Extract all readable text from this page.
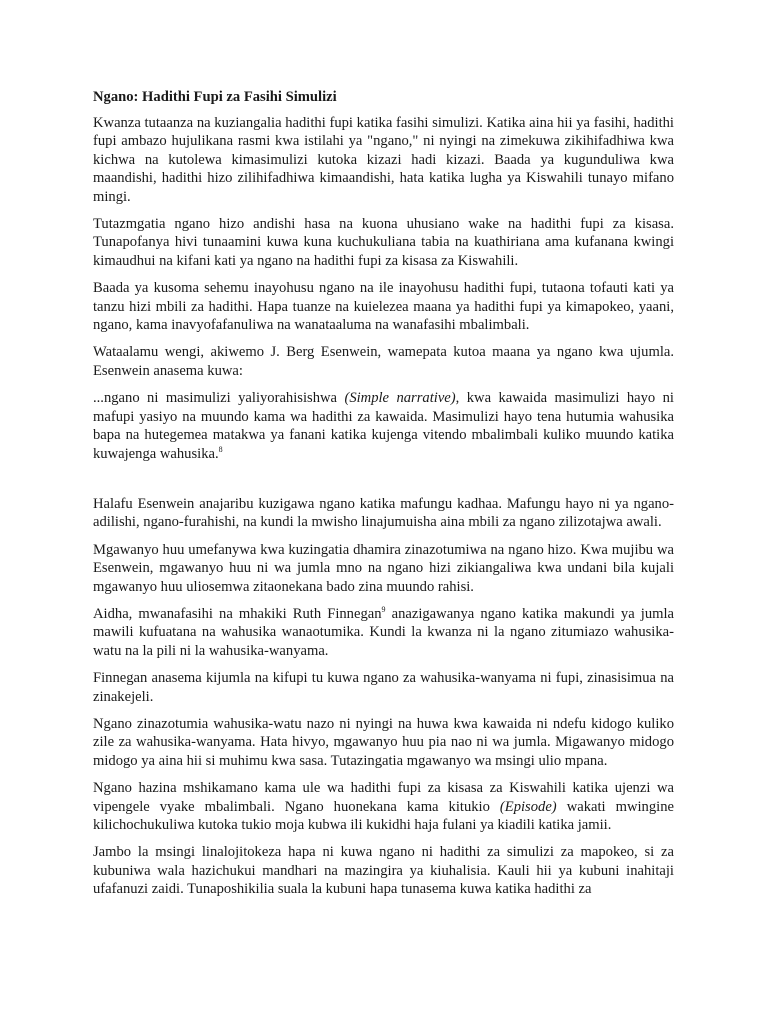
Ngano: Hadithi Fupi za Fasihi Simulizi

Kwanza tutaanza na kuziangalia hadithi fupi katika fasihi simulizi. Katika aina hii ya fasihi, hadithi fupi ambazo hujulikana rasmi kwa istilahi ya "ngano," ni nyingi na zimekuwa zikihifadhiwa kwa kichwa na kutolewa kimasimulizi kutoka kizazi hadi kizazi. Baada ya kugunduliwa kwa maandishi, hadithi hizo zilihifadhiwa kimaandishi, hata katika lugha ya Kiswahili tunayo mifano mingi.

Tutazmgatia ngano hizo andishi hasa na kuona uhusiano wake na hadithi fupi za kisasa. Tunapofanya hivi tunaamini kuwa kuna kuchukuliana tabia na kuathiriana ama kufanana kwingi kimaudhui na kifani kati ya ngano na hadithi fupi za kisasa za Kiswahili.

Baada ya kusoma sehemu inayohusu ngano na ile inayohusu hadithi fupi, tutaona tofauti kati ya tanzu hizi mbili za hadithi. Hapa tuanze na kuielezea maana ya hadithi fupi ya kimapokeo, yaani, ngano, kama inavyofafanuliwa na wanataaluma na wanafasihi mbalimbali.

Wataalamu wengi, akiwemo J. Berg Esenwein, wamepata kutoa maana ya ngano kwa ujumla. Esenwein anasema kuwa:

...ngano ni masimulizi yaliyorahisishwa (Simple narrative), kwa kawaida masimulizi hayo ni mafupi yasiyo na muundo kama wa hadithi za kawaida. Masimulizi hayo tena hutumia wahusika bapa na hutegemea matakwa ya fanani katika kujenga vitendo mbalimbali kuliko muundo katika kuwajenga wahusika.$^8$

Halafu Esenwein anajaribu kuzigawa ngano katika mafungu kadhaa. Mafungu hayo ni ya ngano-adilishi, ngano-furahishi, na kundi la mwisho linajumuisha aina mbili za ngano zilizotajwa awali.

Mgawanyo huu umefanywa kwa kuzingatia dhamira zinazotumiwa na ngano hizo. Kwa mujibu wa Esenwein, mgawanyo huu ni wa jumla mno na ngano hizi zikiangaliwa kwa undani bila kujali mgawanyo huu uliosemwa zitaonekana bado zina muundo rahisi.

Aidha, mwanafasihi na mhakiki Ruth Finnegan$^9$ anazigawanya ngano katika makundi ya jumla mawili kufuatana na wahusika wanaotumika. Kundi la kwanza ni la ngano zitumiazo wahusika-watu na la pili ni la wahusika-wanyama.

Finnegan anasema kijumla na kifupi tu kuwa ngano za wahusika-wanyama ni fupi, zinasisimua na zinakejeli.

Ngano zinazotumia wahusika-watu nazo ni nyingi na huwa kwa kawaida ni ndefu kidogo kuliko zile za wahusika-wanyama. Hata hivyo, mgawanyo huu pia nao ni wa jumla. Migawanyo midogo midogo ya aina hii si muhimu kwa sasa. Tutazingatia mgawanyo wa msingi ulio mpana.

Ngano hazina mshikamano kama ule wa hadithi fupi za kisasa za Kiswahili katika ujenzi wa vipengele vyake mbalimbali. Ngano huonekana kama kitukio (Episode) wakati mwingine kilichochukuliwa kutoka tukio moja kubwa ili kukidhi haja fulani ya kiadili katika jamii.

Jambo la msingi linalojitokeza hapa ni kuwa ngano ni hadithi za simulizi za mapokeo, si za kubuniwa wala hazichukui mandhari na mazingira ya kiuhalisia. Kauli hii ya kubuni inahitaji ufafanuzi zaidi. Tunaposhikilia suala la kubuni hapa tunasema kuwa katika hadithi za
